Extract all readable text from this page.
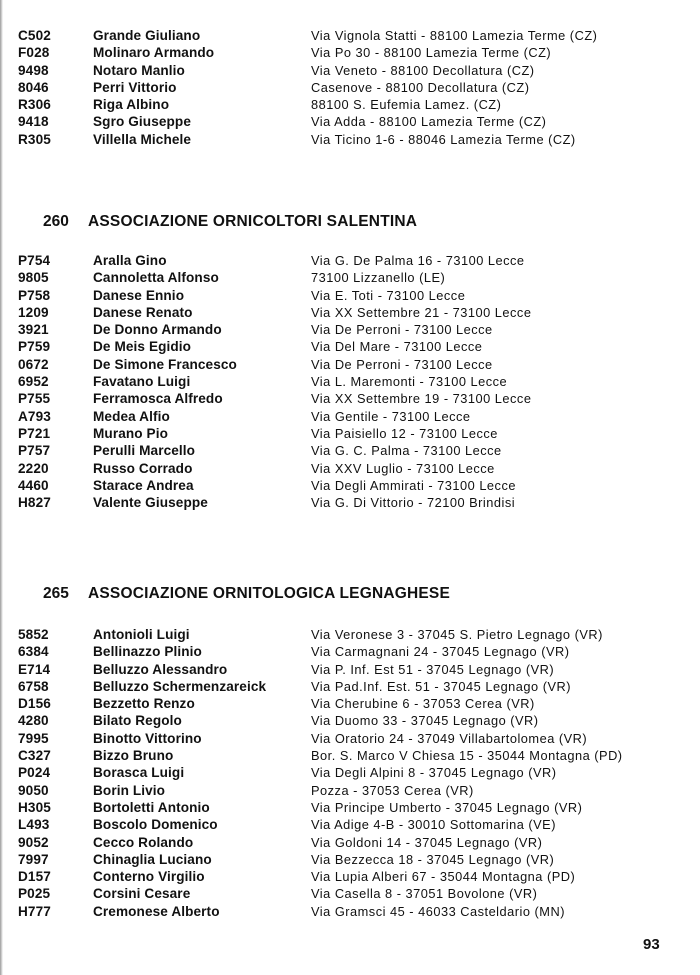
C502	Grande Giuliano	Via Vignola Statti - 88100 Lamezia Terme (CZ)
F028	Molinaro Armando	Via Po 30 - 88100 Lamezia Terme (CZ)
9498	Notaro Manlio	Via Veneto - 88100 Decollatura (CZ)
8046	Perri Vittorio	Casenove - 88100 Decollatura (CZ)
R306	Riga Albino	88100 S. Eufemia Lamez. (CZ)
9418	Sgro Giuseppe	Via Adda - 88100 Lamezia Terme (CZ)
R305	Villella Michele	Via Ticino 1-6 - 88046 Lamezia Terme (CZ)
260 ASSOCIAZIONE ORNICOLTORI SALENTINA
P754	Aralla Gino	Via G. De Palma 16 - 73100 Lecce
9805	Cannoletta Alfonso	73100 Lizzanello (LE)
P758	Danese Ennio	Via E. Toti - 73100 Lecce
1209	Danese Renato	Via XX Settembre 21 - 73100 Lecce
3921	De Donno Armando	Via De Perroni - 73100 Lecce
P759	De Meis Egidio	Via Del Mare - 73100 Lecce
0672	De Simone Francesco	Via De Perroni - 73100 Lecce
6952	Favatano Luigi	Via L. Maremonti - 73100 Lecce
P755	Ferramosca Alfredo	Via XX Settembre 19 - 73100 Lecce
A793	Medea Alfio	Via Gentile - 73100 Lecce
P721	Murano Pio	Via Paisiello 12 - 73100 Lecce
P757	Perulli Marcello	Via G. C. Palma - 73100 Lecce
2220	Russo Corrado	Via XXV Luglio - 73100 Lecce
4460	Starace Andrea	Via Degli Ammirati - 73100 Lecce
H827	Valente Giuseppe	Via G. Di Vittorio - 72100 Brindisi
265 ASSOCIAZIONE ORNITOLOGICA LEGNAGHESE
5852	Antonioli Luigi	Via Veronese 3 - 37045 S. Pietro Legnago (VR)
6384	Bellinazzo Plinio	Via Carmagnani 24 - 37045 Legnago (VR)
E714	Belluzzo Alessandro	Via P. Inf. Est 51 - 37045 Legnago (VR)
6758	Belluzzo Schermenzareick	Via Pad.Inf. Est. 51 - 37045 Legnago (VR)
D156	Bezzetto Renzo	Via Cherubine 6 - 37053 Cerea (VR)
4280	Bilato Regolo	Via Duomo 33 - 37045 Legnago (VR)
7995	Binotto Vittorino	Via Oratorio 24 - 37049 Villabartolomea (VR)
C327	Bizzo Bruno	Bor. S. Marco V Chiesa 15 - 35044 Montagna (PD)
P024	Borasca Luigi	Via Degli Alpini 8 - 37045 Legnago (VR)
9050	Borin Livio	Pozza - 37053 Cerea (VR)
H305	Bortoletti Antonio	Via Principe Umberto - 37045 Legnago (VR)
L493	Boscolo Domenico	Via Adige 4-B - 30010 Sottomarina (VE)
9052	Cecco Rolando	Via Goldoni 14 - 37045 Legnago (VR)
7997	Chinaglia Luciano	Via Bezzecca 18 - 37045 Legnago (VR)
D157	Conterno Virgilio	Via Lupia Alberi 67 - 35044 Montagna (PD)
P025	Corsini Cesare	Via Casella 8 - 37051 Bovolone (VR)
H777	Cremonese Alberto	Via Gramsci 45 - 46033 Casteldario (MN)
93
